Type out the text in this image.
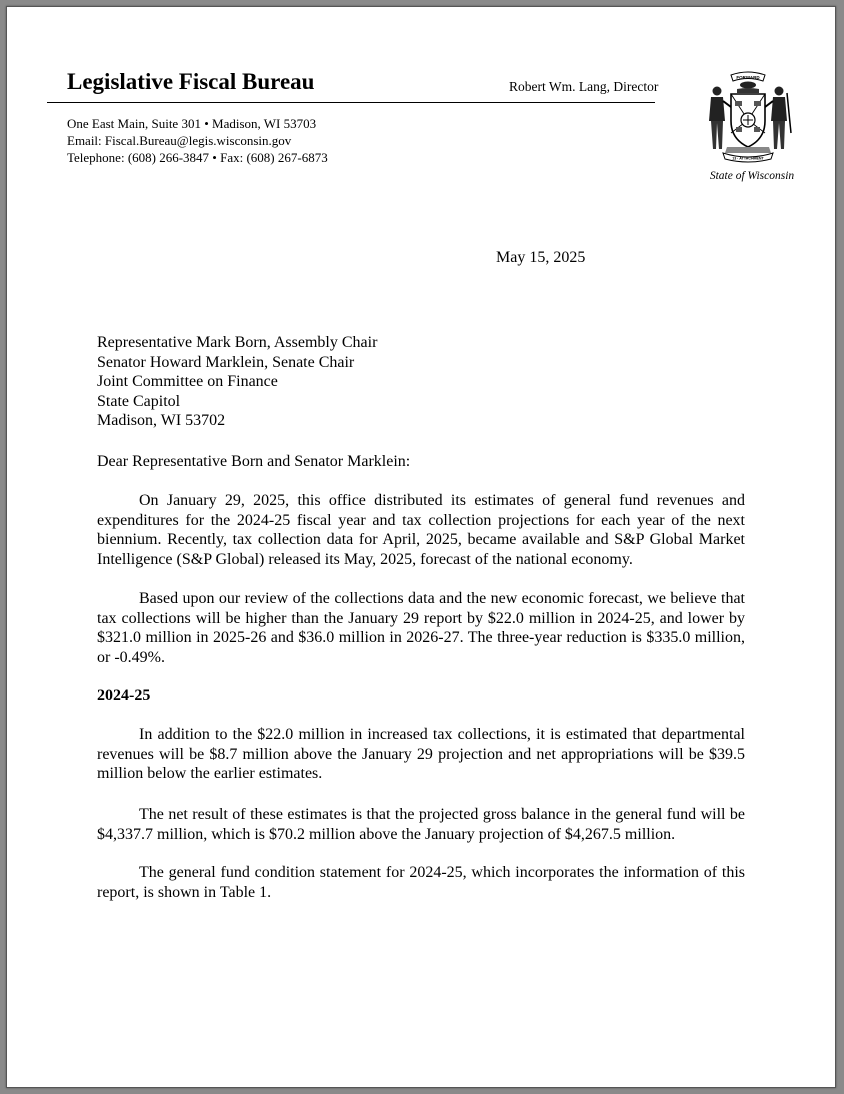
Legislative Fiscal Bureau	Robert Wm. Lang, Director
One East Main, Suite 301 • Madison, WI 53703
Email: Fiscal.Bureau@legis.wisconsin.gov
Telephone: (608) 266-3847 • Fax: (608) 267-6873
FORWARD
13 · ATTACHMENT
State of Wisconsin
May 15, 2025
Representative Mark Born, Assembly Chair
Senator Howard Marklein, Senate Chair
Joint Committee on Finance
State Capitol
Madison, WI 53702
Dear Representative Born and Senator Marklein:
On January 29, 2025, this office distributed its estimates of general fund revenues and expenditures for the 2024-25 fiscal year and tax collection projections for each year of the next biennium. Recently, tax collection data for April, 2025, became available and S&P Global Market Intelligence (S&P Global) released its May, 2025, forecast of the national economy.
Based upon our review of the collections data and the new economic forecast, we believe that tax collections will be higher than the January 29 report by $22.0 million in 2024-25, and lower by $321.0 million in 2025-26 and $36.0 million in 2026-27. The three-year reduction is $335.0 million, or -0.49%.
2024-25
In addition to the $22.0 million in increased tax collections, it is estimated that departmental revenues will be $8.7 million above the January 29 projection and net appropriations will be $39.5 million below the earlier estimates.
The net result of these estimates is that the projected gross balance in the general fund will be $4,337.7 million, which is $70.2 million above the January projection of $4,267.5 million.
The general fund condition statement for 2024-25, which incorporates the information of this report, is shown in Table 1.
